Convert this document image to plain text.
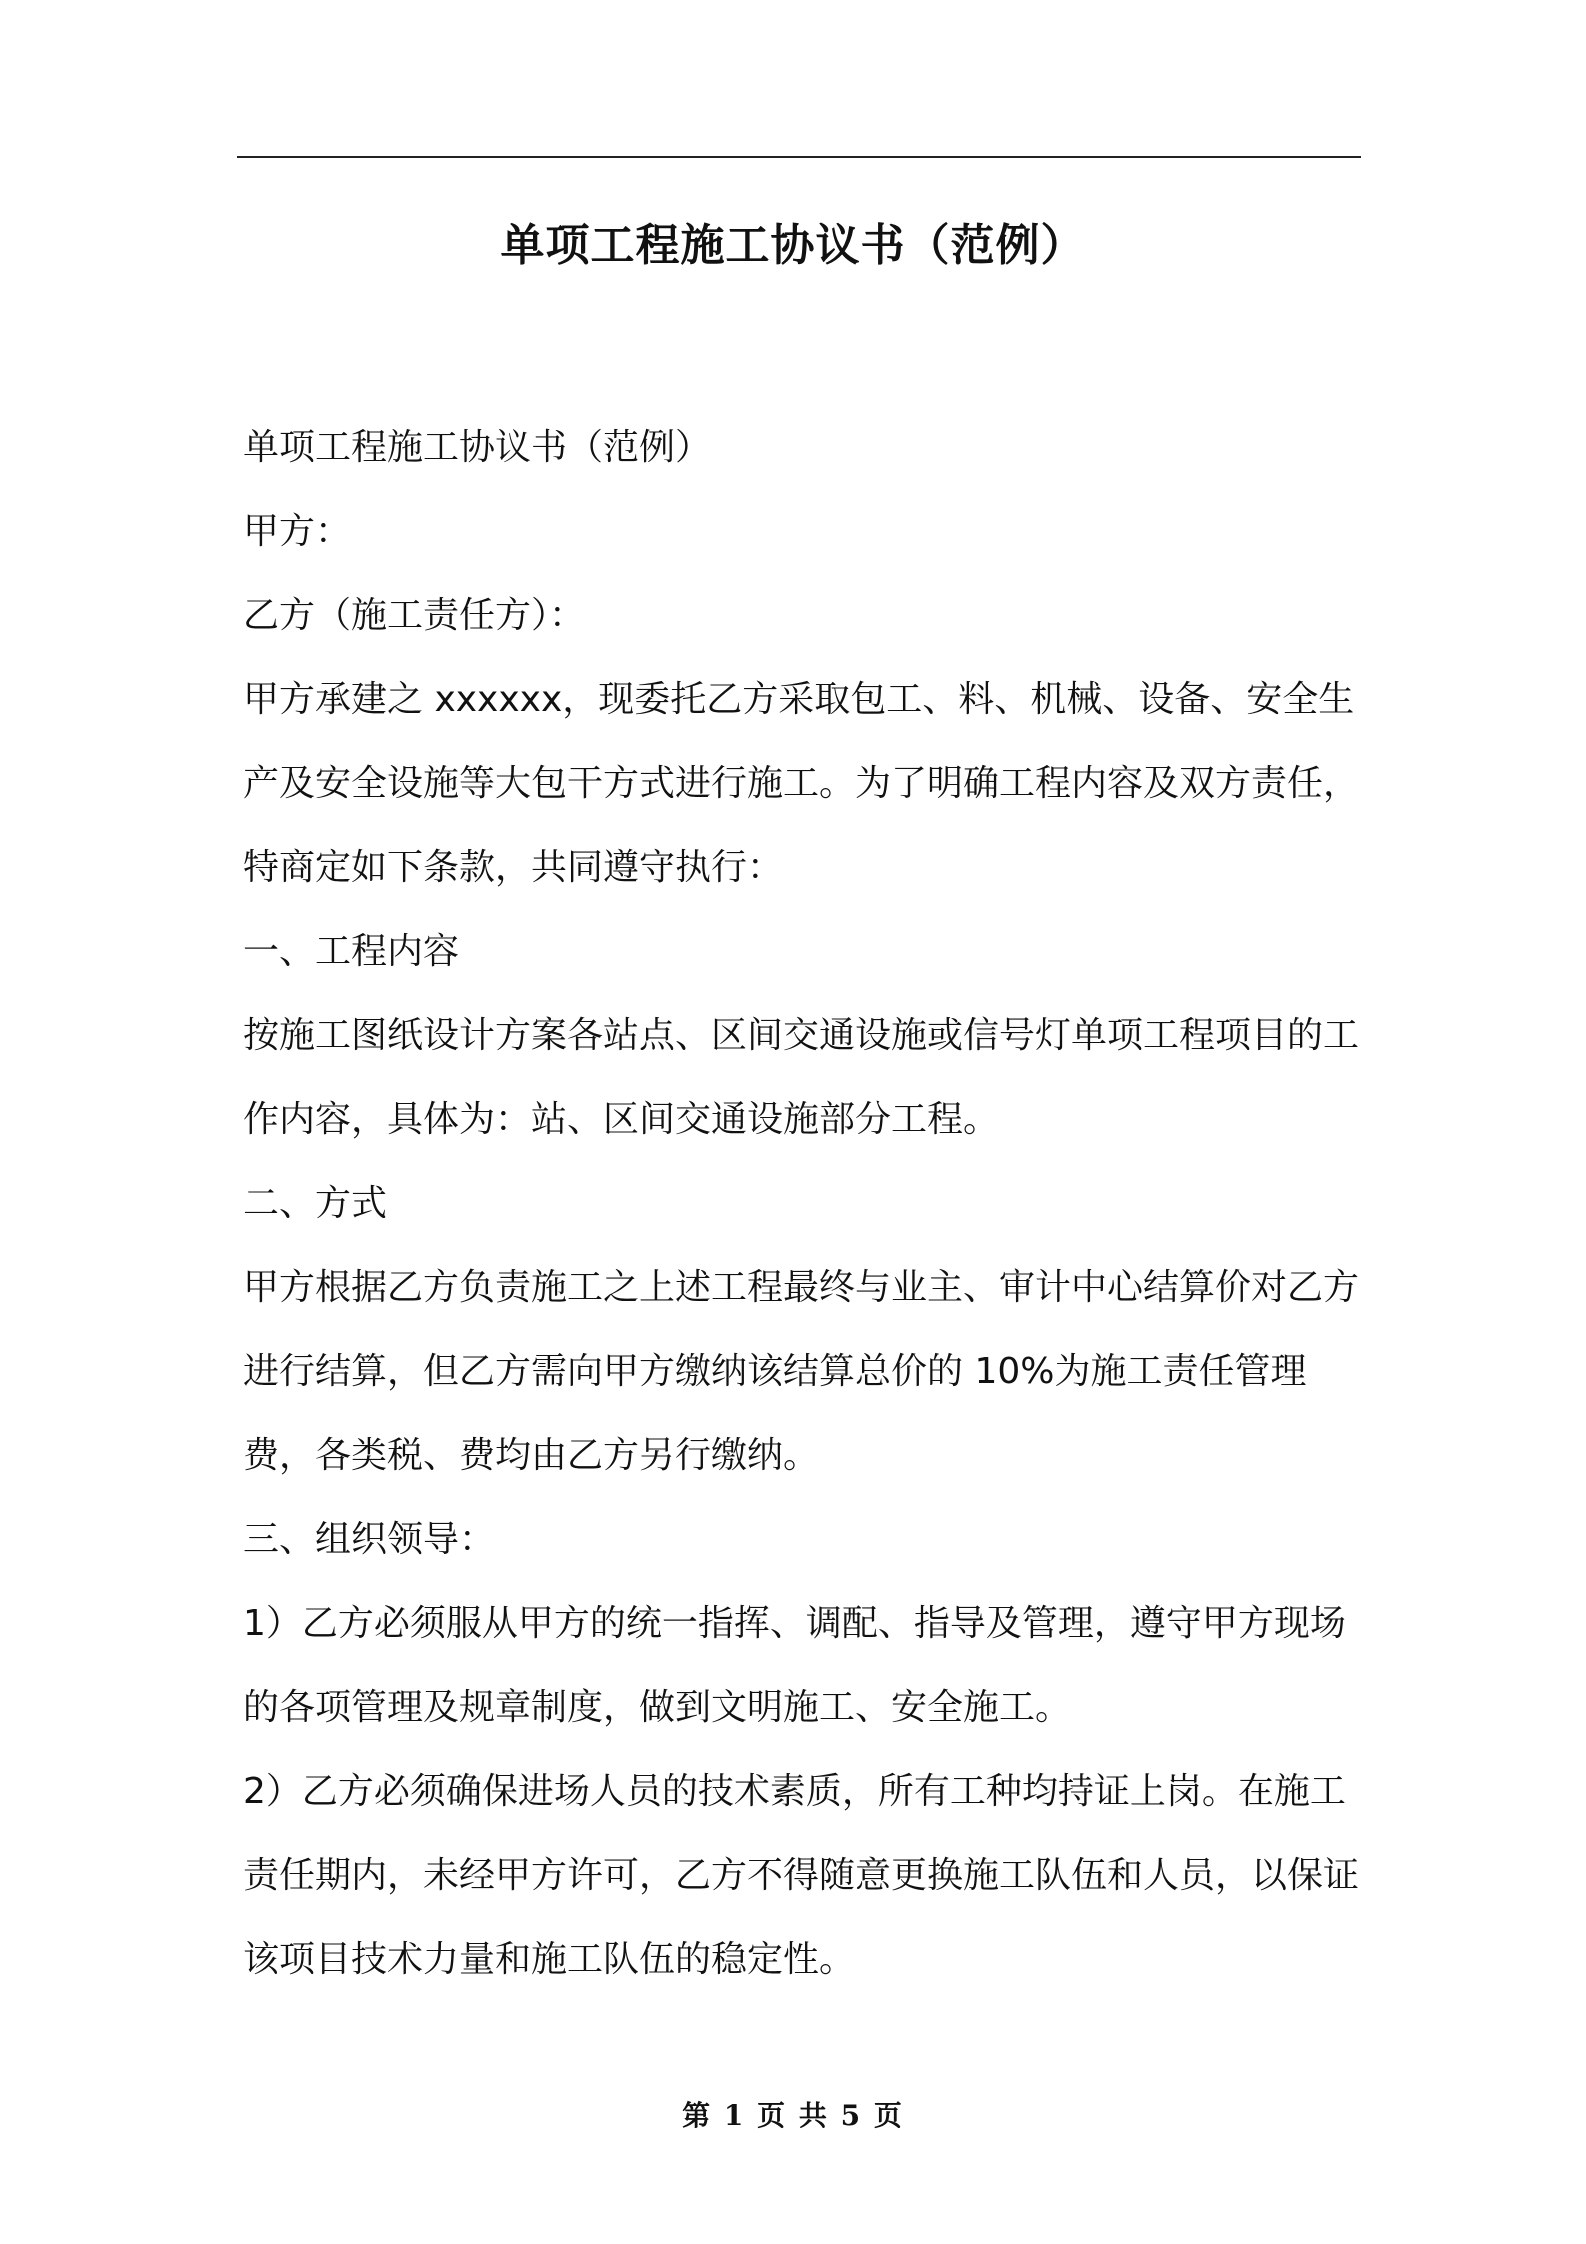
单项工程施工协议书（范例）

单项工程施工协议书（范例）

甲方：

乙方（施工责任方）：

甲方承建之 xxxxxx，现委托乙方采取包工、料、机械、设备、安全生产及安全设施等大包干方式进行施工。为了明确工程内容及双方责任，特商定如下条款，共同遵守执行：

一、工程内容

按施工图纸设计方案各站点、区间交通设施或信号灯单项工程项目的工作内容，具体为：站、区间交通设施部分工程。

二、方式

甲方根据乙方负责施工之上述工程最终与业主、审计中心结算价对乙方进行结算，但乙方需向甲方缴纳该结算总价的 10%为施工责任管理费，各类税、费均由乙方另行缴纳。

三、组织领导：

1）乙方必须服从甲方的统一指挥、调配、指导及管理，遵守甲方现场的各项管理及规章制度，做到文明施工、安全施工。

2）乙方必须确保进场人员的技术素质，所有工种均持证上岗。在施工责任期内，未经甲方许可，乙方不得随意更换施工队伍和人员，以保证该项目技术力量和施工队伍的稳定性。

第 1 页 共 5 页
